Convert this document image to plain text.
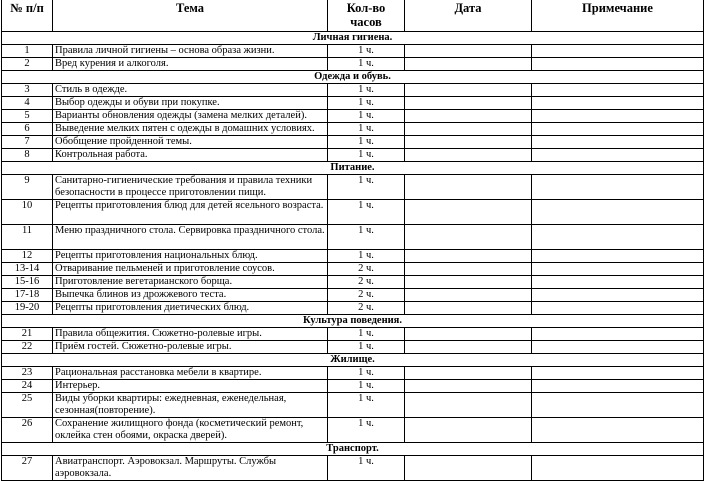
№ п/п	Тема	Кол-во часов	Дата	Примечание
Личная гигиена.				
1	Правила личной гигиены – основа образа жизни.	1 ч.		
2	Вред курения и алкоголя.	1 ч.		
Одежда и обувь.				
3	Стиль в одежде.	1 ч.		
4	Выбор одежды и обуви при покупке.	1 ч.		
5	Варианты обновления одежды (замена мелких деталей).	1 ч.		
6	Выведение мелких пятен с одежды в домашних условиях.	1 ч.		
7	Обобщение пройденной темы.	1 ч.		
8	Контрольная работа.	1 ч.		
Питание.				
9	Санитарно-гигиенические требования и правила техники безопасности в процессе приготовлении пищи.	1 ч.		
10	Рецепты приготовления блюд для детей ясельного возраста.	1 ч.		
11	Меню праздничного стола. Сервировка праздничного стола.	1 ч.		
12	Рецепты приготовления национальных блюд.	1 ч.		
13-14	Отваривание пельменей и приготовление соусов.	2 ч.		
15-16	Приготовление вегетарианского борща.	2 ч.		
17-18	Выпечка блинов из дрожжевого теста.	2 ч.		
19-20	Рецепты приготовления диетических блюд.	2 ч.		
Культура поведения.				
21	Правила общежития. Сюжетно-ролевые игры.	1 ч.		
22	Приём гостей. Сюжетно-ролевые игры.	1 ч.		
Жилище.				
23	Рациональная расстановка мебели в квартире.	1 ч.		
24	Интерьер.	1 ч.		
25	Виды уборки квартиры: ежедневная, еженедельная, сезонная(повторение).	1 ч.		
26	Сохранение жилищного фонда (косметический ремонт, оклейка стен обоями, окраска дверей).	1 ч.		
Транспорт.				
27	Авиатранспорт. Аэровокзал. Маршруты. Службы аэровокзала.	1 ч.		
